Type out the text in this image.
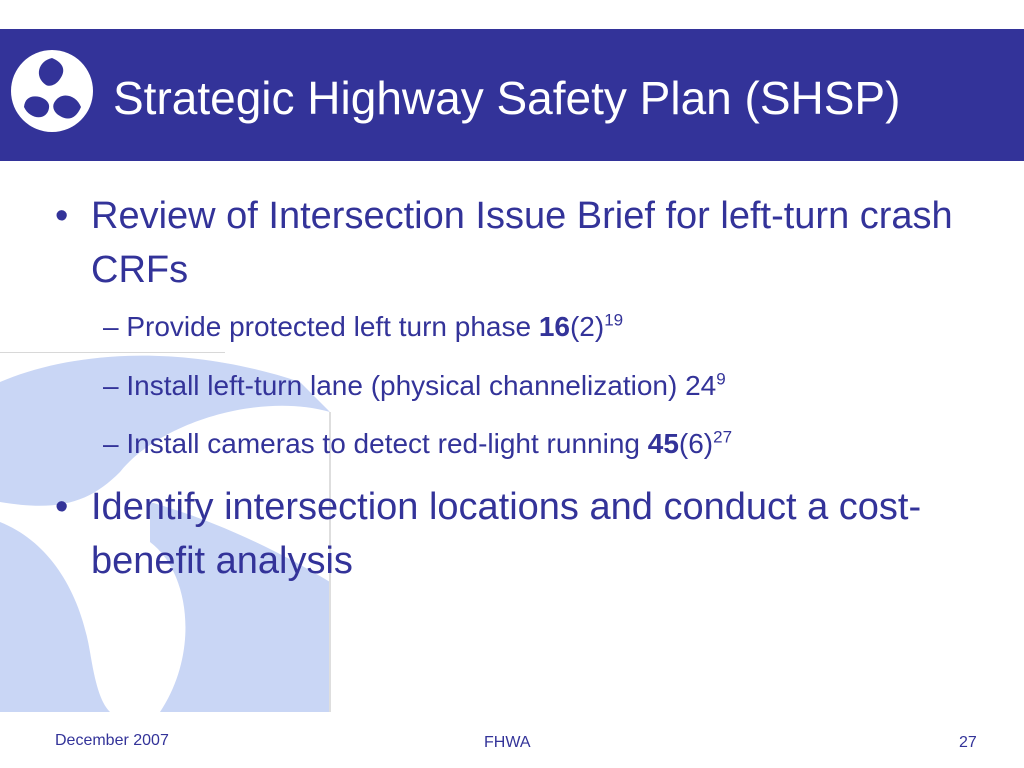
Strategic Highway Safety Plan (SHSP)
• Review of Intersection Issue Brief for left-turn crash CRFs
– Provide protected left turn phase $16(2)^{19}$
– Install left-turn lane (physical channelization) $24^9$
– Install cameras to detect red-light running $45(6)^{27}$
• Identify intersection locations and conduct a cost-benefit analysis
December 2007	FHWA	27
